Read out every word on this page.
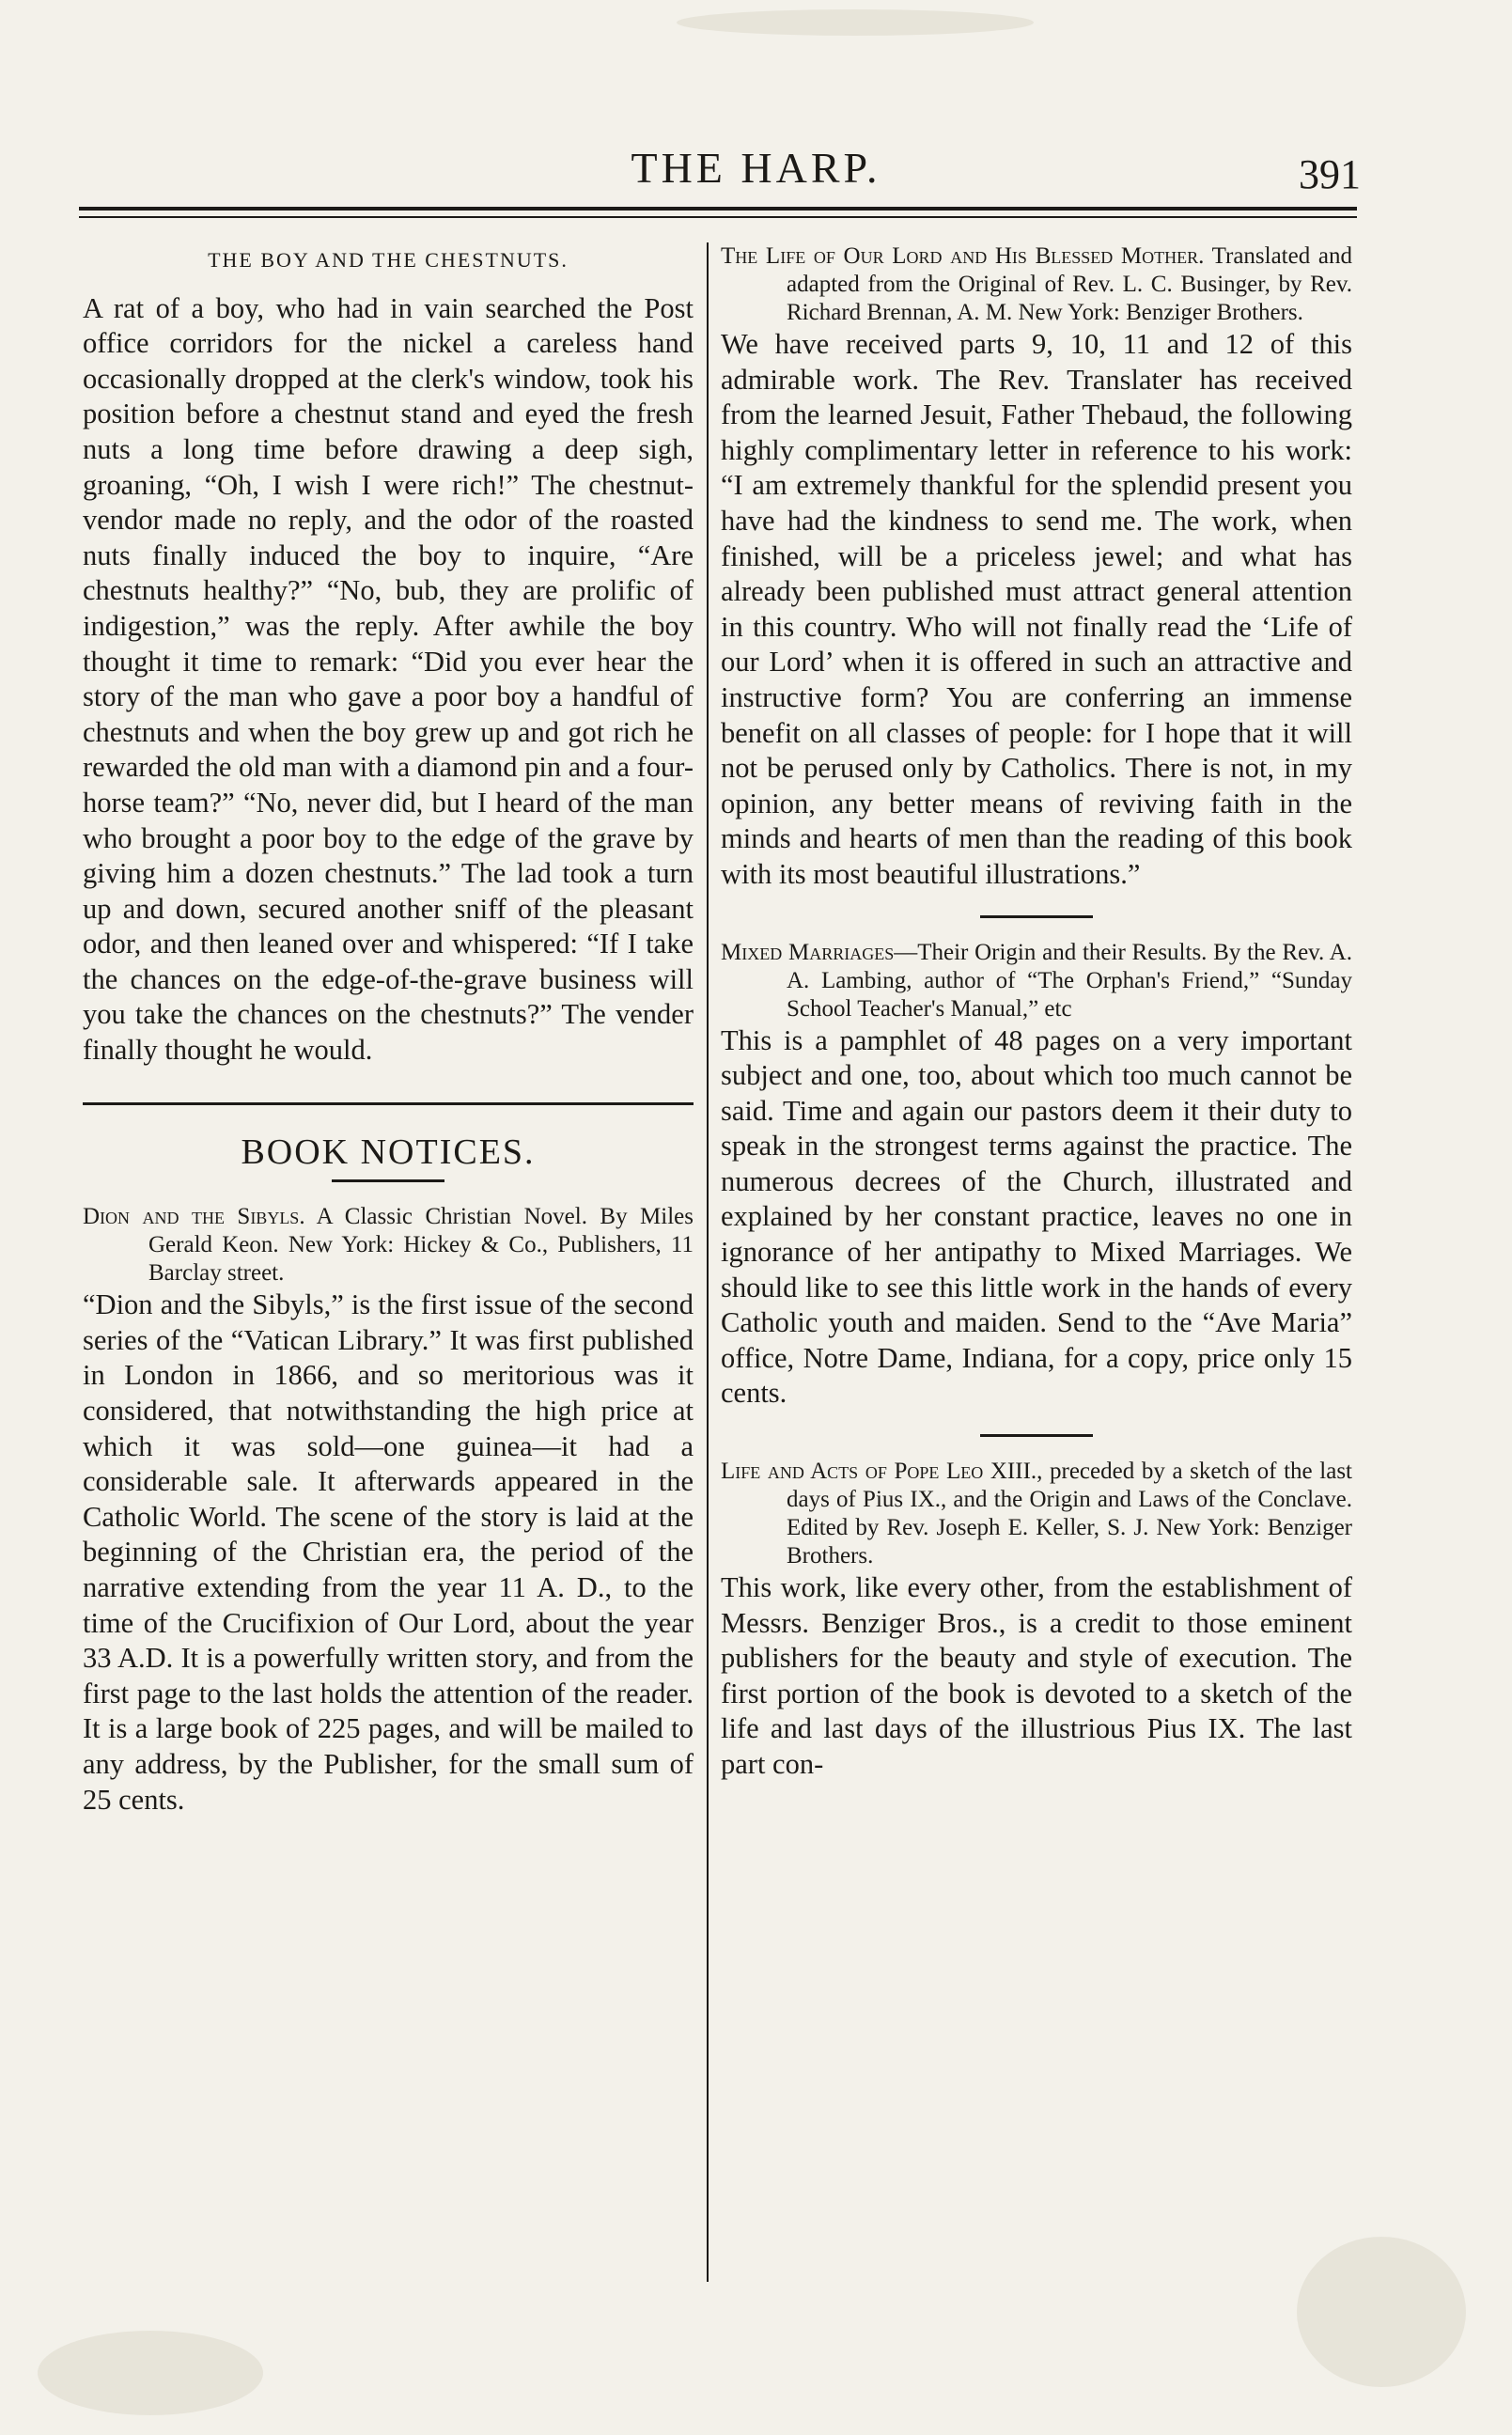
THE HARP.	391
THE BOY AND THE CHESTNUTS.

A rat of a boy, who had in vain searched the Post office corridors for the nickel a careless hand occasionally dropped at the clerk's window, took his position before a chestnut stand and eyed the fresh nuts a long time before drawing a deep sigh, groaning, “Oh, I wish I were rich!” The chestnut-vendor made no reply, and the odor of the roasted nuts finally induced the boy to inquire, “Are chestnuts healthy?” “No, bub, they are prolific of indigestion,” was the reply. After awhile the boy thought it time to remark: “Did you ever hear the story of the man who gave a poor boy a handful of chestnuts and when the boy grew up and got rich he rewarded the old man with a diamond pin and a four-horse team?” “No, never did, but I heard of the man who brought a poor boy to the edge of the grave by giving him a dozen chestnuts.” The lad took a turn up and down, secured another sniff of the pleasant odor, and then leaned over and whispered: “If I take the chances on the edge-of-the-grave business will you take the chances on the chestnuts?” The vender finally thought he would.

BOOK NOTICES.

Dion and the Sibyls. A Classic Christian Novel. By Miles Gerald Keon. New York: Hickey & Co., Publishers, 11 Barclay street.

“Dion and the Sibyls,” is the first issue of the second series of the “Vatican Library.” It was first published in London in 1866, and so meritorious was it considered, that notwithstanding the high price at which it was sold—one guinea—it had a considerable sale. It afterwards appeared in the Catholic World. The scene of the story is laid at the beginning of the Christian era, the period of the narrative extending from the year 11 A. D., to the time of the Crucifixion of Our Lord, about the year 33 A.D. It is a powerfully written story, and from the first page to the last holds the attention of the reader. It is a large book of 225 pages, and will be mailed to any address, by the Publisher, for the small sum of 25 cents.

The Life of Our Lord and His Blessed Mother. Translated and adapted from the Original of Rev. L. C. Businger, by Rev. Richard Brennan, A. M. New York: Benziger Brothers.

We have received parts 9, 10, 11 and 12 of this admirable work. The Rev. Translater has received from the learned Jesuit, Father Thebaud, the following highly complimentary letter in reference to his work: “I am extremely thankful for the splendid present you have had the kindness to send me. The work, when finished, will be a priceless jewel; and what has already been published must attract general attention in this country. Who will not finally read the ‘Life of our Lord’ when it is offered in such an attractive and instructive form? You are conferring an immense benefit on all classes of people: for I hope that it will not be perused only by Catholics. There is not, in my opinion, any better means of reviving faith in the minds and hearts of men than the reading of this book with its most beautiful illustrations.”

Mixed Marriages—Their Origin and their Results. By the Rev. A. A. Lambing, author of “The Orphan's Friend,” “Sunday School Teacher's Manual,” etc

This is a pamphlet of 48 pages on a very important subject and one, too, about which too much cannot be said. Time and again our pastors deem it their duty to speak in the strongest terms against the practice. The numerous decrees of the Church, illustrated and explained by her constant practice, leaves no one in ignorance of her antipathy to Mixed Marriages. We should like to see this little work in the hands of every Catholic youth and maiden. Send to the “Ave Maria” office, Notre Dame, Indiana, for a copy, price only 15 cents.

Life and Acts of Pope Leo XIII., preceded by a sketch of the last days of Pius IX., and the Origin and Laws of the Conclave. Edited by Rev. Joseph E. Keller, S. J. New York: Benziger Brothers.

This work, like every other, from the establishment of Messrs. Benziger Bros., is a credit to those eminent publishers for the beauty and style of execution. The first portion of the book is devoted to a sketch of the life and last days of the illustrious Pius IX. The last part con-
